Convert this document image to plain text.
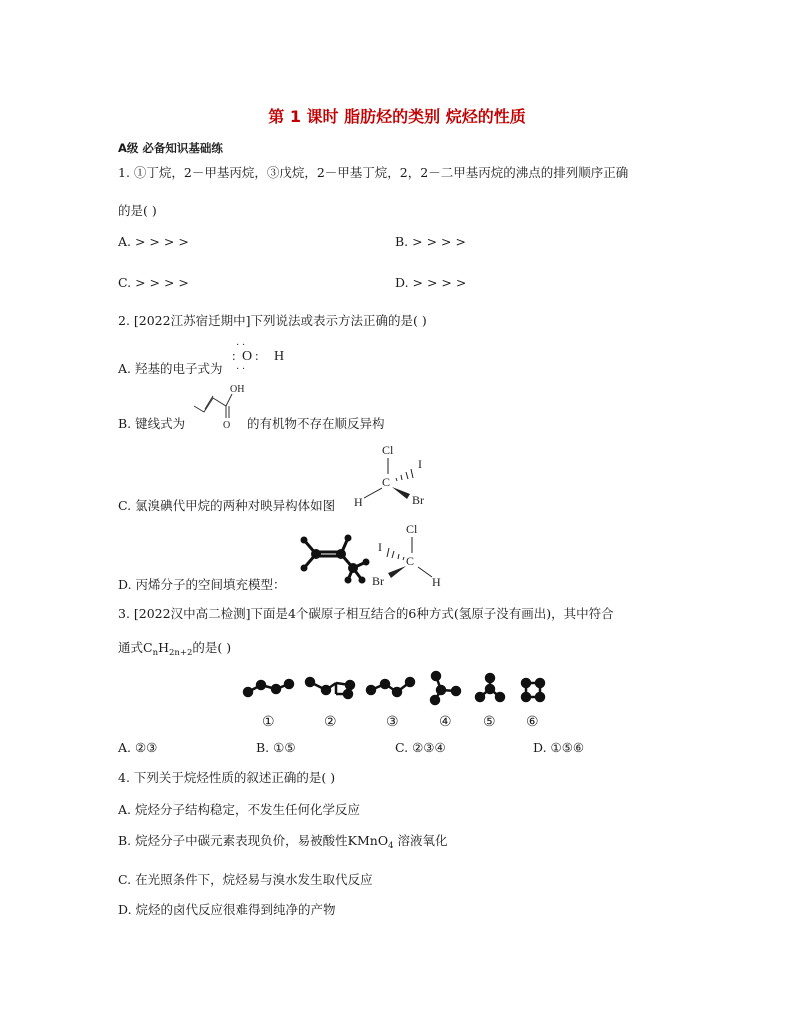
第 1 课时 脂肪烃的类别 烷烃的性质
A级 必备知识基础练
1. ①丁烷，2－甲基丙烷，③戊烷，2－甲基丁烷，2，2－二甲基丙烷的沸点的排列顺序正确
的是( )
A. > > > >	B. > > > >
C. > > > >	D. > > > >
2. [2022江苏宿迁期中]下列说法或表示方法正确的是( )
A. 羟基的电子式为
· ·
: O : H
· ·
B. 键线式为
OH
O 的有机物不存在顺反异构
C. 氯溴碘代甲烷的两种对映异构体如图
Cl
I
C
H	Br
D. 丙烯分子的空间填充模型：
Cl
I
C
Br	H
3. [2022汉中高二检测]下面是4个碳原子相互结合的6种方式(氢原子没有画出)，其中符合
通式$C_nH_{2n+2}$的是( )
①	②	③	④ ⑤ ⑥
A. ②③	B. ①⑤	C. ②③④	D. ①⑤⑥
4. 下列关于烷烃性质的叙述正确的是( )
A. 烷烃分子结构稳定，不发生任何化学反应
B. 烷烃分子中碳元素表现负价，易被酸性KMnO$_4$ 溶液氧化
C. 在光照条件下，烷烃易与溴水发生取代反应
D. 烷烃的卤代反应很难得到纯净的产物
